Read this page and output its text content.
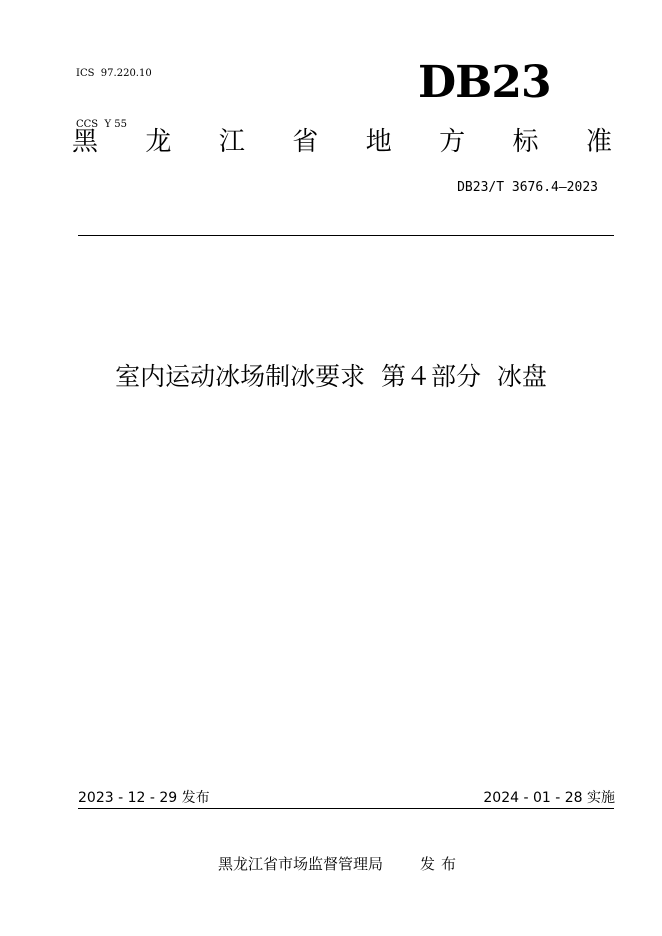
ICS  97.220.10

CCS  Y 55

DB23
黑 龙 江 省 地 方 标 准
DB23/T 3676.4—2023
室内运动冰场制冰要求  第４部分  冰盘
2023 - 12 - 29 发布	2024 - 01 - 28 实施
黑龙江省市场监督管理局 发布
